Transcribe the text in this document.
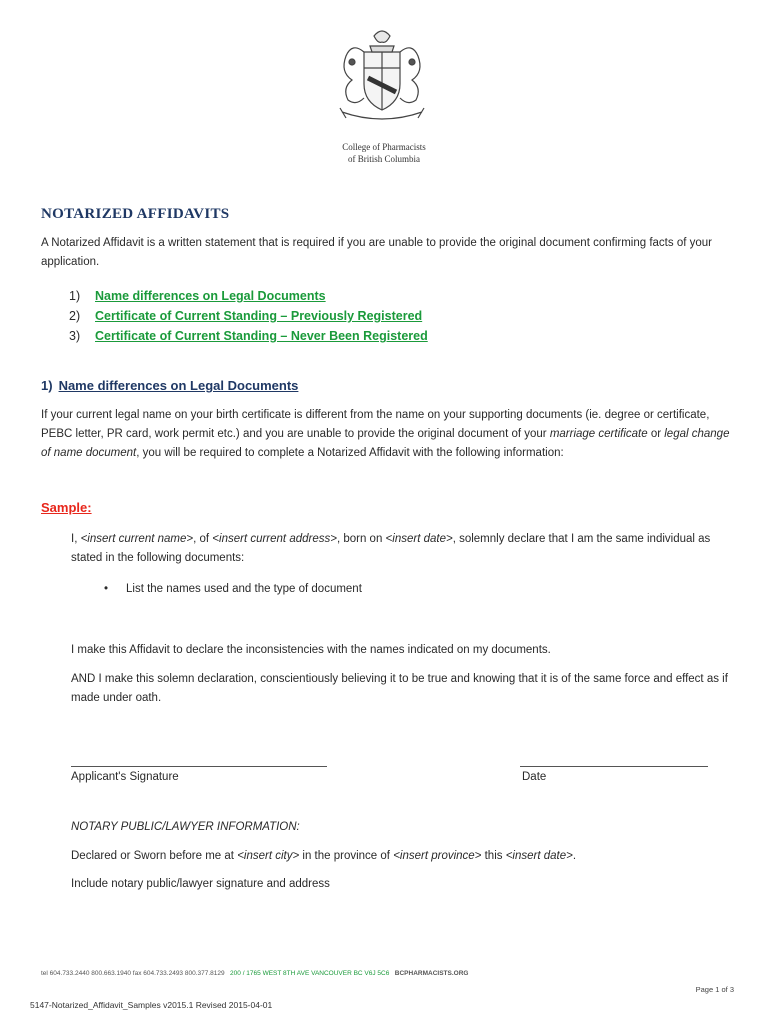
College of Pharmacists
of British Columbia
NOTARIZED AFFIDAVITS
A Notarized Affidavit is a written statement that is required if you are unable to provide the original document confirming facts of your application.
1) Name differences on Legal Documents
2) Certificate of Current Standing – Previously Registered
3) Certificate of Current Standing – Never Been Registered
1) Name differences on Legal Documents
If your current legal name on your birth certificate is different from the name on your supporting documents (ie. degree or certificate, PEBC letter, PR card, work permit etc.) and you are unable to provide the original document of your marriage certificate or legal change of name document, you will be required to complete a Notarized Affidavit with the following information:
Sample:
I, <insert current name>, of <insert current address>, born on <insert date>, solemnly declare that I am the same individual as stated in the following documents:
• List the names used and the type of document
I make this Affidavit to declare the inconsistencies with the names indicated on my documents.
AND I make this solemn declaration, conscientiously believing it to be true and knowing that it is of the same force and effect as if made under oath.
Applicant's Signature	Date
NOTARY PUBLIC/LAWYER INFORMATION:
Declared or Sworn before me at <insert city> in the province of <insert province> this <insert date>.
Include notary public/lawyer signature and address
tel 604.733.2440 800.663.1940 fax 604.733.2493 800.377.8129 200 / 1765 WEST 8TH AVE VANCOUVER BC V6J 5C6 BCPHARMACISTS.ORG
Page 1 of 3
5147-Notarized_Affidavit_Samples v2015.1 Revised 2015-04-01
